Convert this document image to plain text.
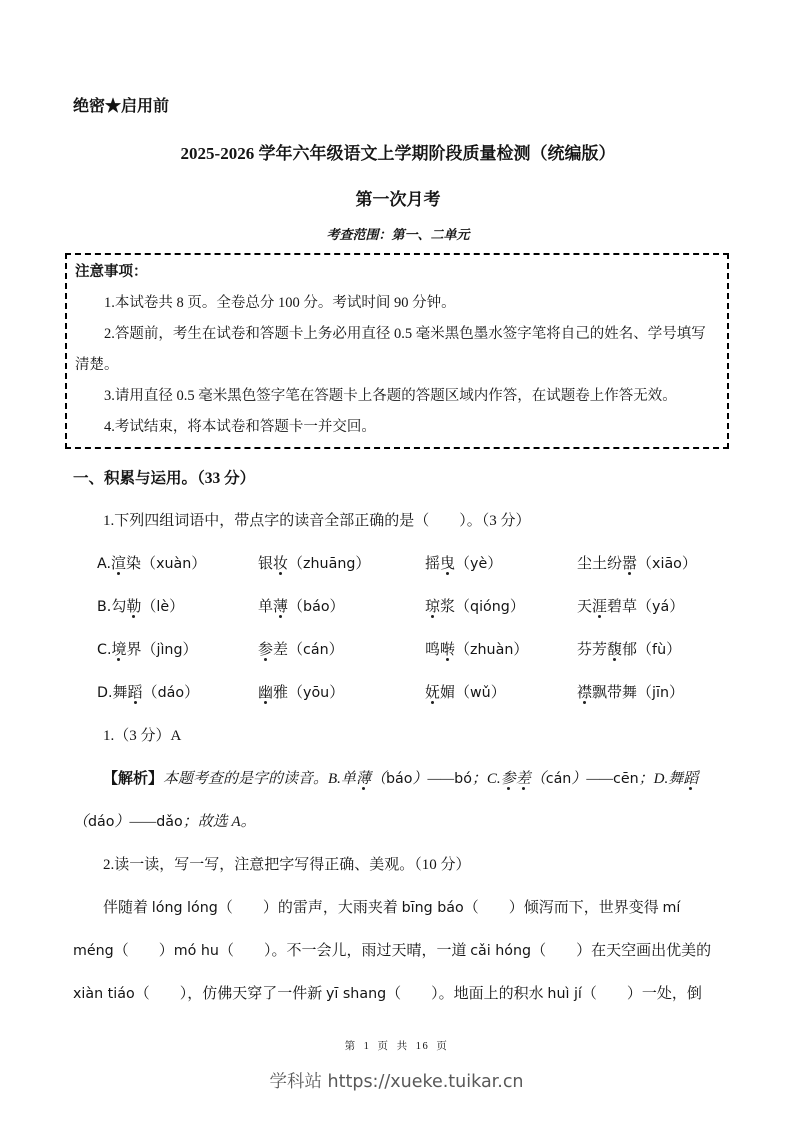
绝密★启用前
2025-2026 学年六年级语文上学期阶段质量检测（统编版）
第一次月考
考查范围：第一、二单元
注意事项：

1.本试卷共 8 页。全卷总分 100 分。考试时间 90 分钟。

2.答题前，考生在试卷和答题卡上务必用直径 0.5 毫米黑色墨水签字笔将自己的姓名、学号填写清楚。

3.请用直径 0.5 毫米黑色签字笔在答题卡上各题的答题区域内作答，在试题卷上作答无效。

4.考试结束，将本试卷和答题卡一并交回。

一、积累与运用。（33 分）

1.下列四组词语中，带点字的读音全部正确的是（　　）。（3 分）

A.渲染（xuàn）	银妆（zhuāng）	摇曳（yè）	尘土纷嚣（xiāo）
B.勾勒（lè）	单薄（báo）	琼浆（qióng）	天涯碧草（yá）
C.境界（jìng）	参差（cán）	鸣啭（zhuàn）	芬芳馥郁（fù）
D.舞蹈（dáo）	幽雅（yōu）	妩媚（wǔ）	襟飘带舞（jīn）

1.（3 分）A

【解析】本题考查的是字的读音。B.单薄（báo）——bó；C.参差（cán）——cēn；D.舞蹈（dáo）——dǎo；故选 A。

2.读一读，写一写，注意把字写得正确、美观。（10 分）

伴随着 lóng lóng（　　）的雷声，大雨夹着 bīng báo（　　）倾泻而下，世界变得 mí méng（　　）mó hu（　　）。不一会儿，雨过天晴，一道 cǎi hóng（　　）在天空画出优美的 xiàn tiáo（　　），仿佛天穿了一件新 yī shang（　　）。地面上的积水 huì jí（　　）一处，倒

第 1 页 共 16 页
学科站 https://xueke.tuikar.cn
